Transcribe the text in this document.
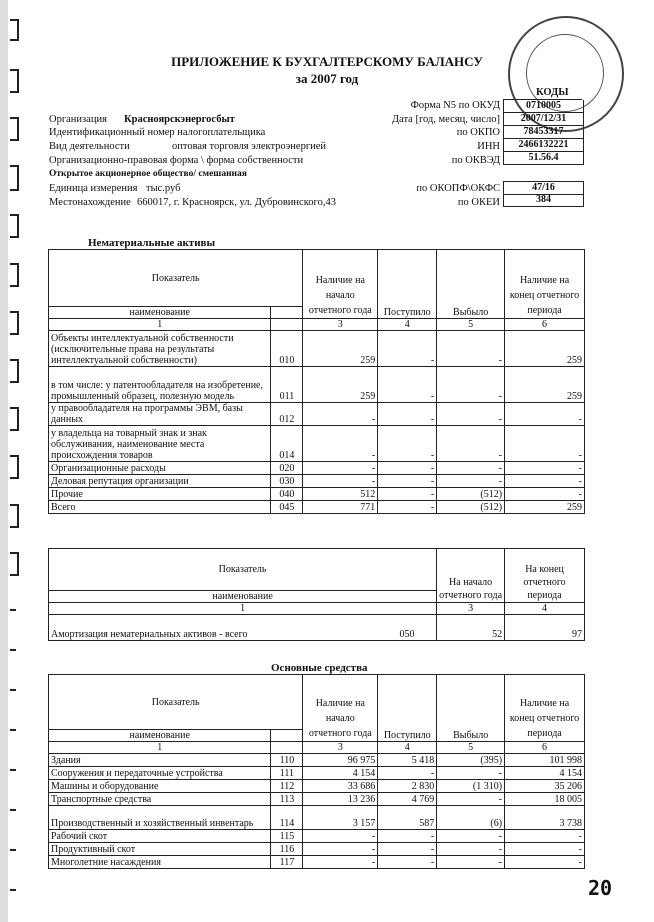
ПРИЛОЖЕНИЕ К БУХГАЛТЕРСКОМУ БАЛАНСУ
за 2007 год
КОДЫ
Форма N5 по ОКУД	0710005
Организация Красноярскэнергосбыт	Дата [год, месяц, число]	2007/12/31
Идентификационный номер налогоплательщика	по ОКПО	78453317
Вид деятельности	оптовая торговля электроэнергией	ИНН	2466132221
Организационно-правовая форма \ форма собственности	по ОКВЭД	51.56.4
Открытое акционерное общество/ смешанная
Единица измерения тыс.руб	по ОКОПФ\ОКФС	47/16
Местонахождение 660017, г. Красноярск, ул. Дубровинского,43	по ОКЕИ	384
Нематериальные активы
Показатель		Наличие на начало отчетного года	Поступило	Выбыло	Наличие на конец отчетного периода
наименование					
1		3	4	5	6
Объекты интеллектуальной собственности (исключительные права на результаты интеллектуальной собственности)	010	259	-	-	259
в том числе: у патентообладателя на изобретение, промышленный образец, полезную модель	011	259	-	-	259
у правообладателя на программы ЭВМ, базы данных	012	-	-	-	-
у владельца на товарный знак и знак обслуживания, наименование места происхождения товаров	014	-	-	-	-
Организационные расходы	020	-	-	-	-
Деловая репутация организации	030	-	-	-	-
Прочие	040	512	-	(512)	-
Всего	045	771	-	(512)	259
Показатель		На начало отчетного года	На конец отчетного периода
наименование			
1		3	4
Амортизация нематериальных активов - всего	050	52	97
Основные средства
Показатель		Наличие на начало отчетного года	Поступило	Выбыло	Наличие на конец отчетного периода
наименование					
1		3	4	5	6
Здания	110	96 975	5 418	(395)	101 998
Сооружения и передаточные устройства	111	4 154	-	-	4 154
Машины и оборудование	112	33 686	2 830	(1 310)	35 206
Транспортные средства	113	13 236	4 769	-	18 005
Производственный и хозяйственный инвентарь	114	3 157	587	(6)	3 738
Рабочий скот	115	-	-	-	-
Продуктивный скот	116	-	-	-	-
Многолетние насаждения	117	-	-	-	-
20
